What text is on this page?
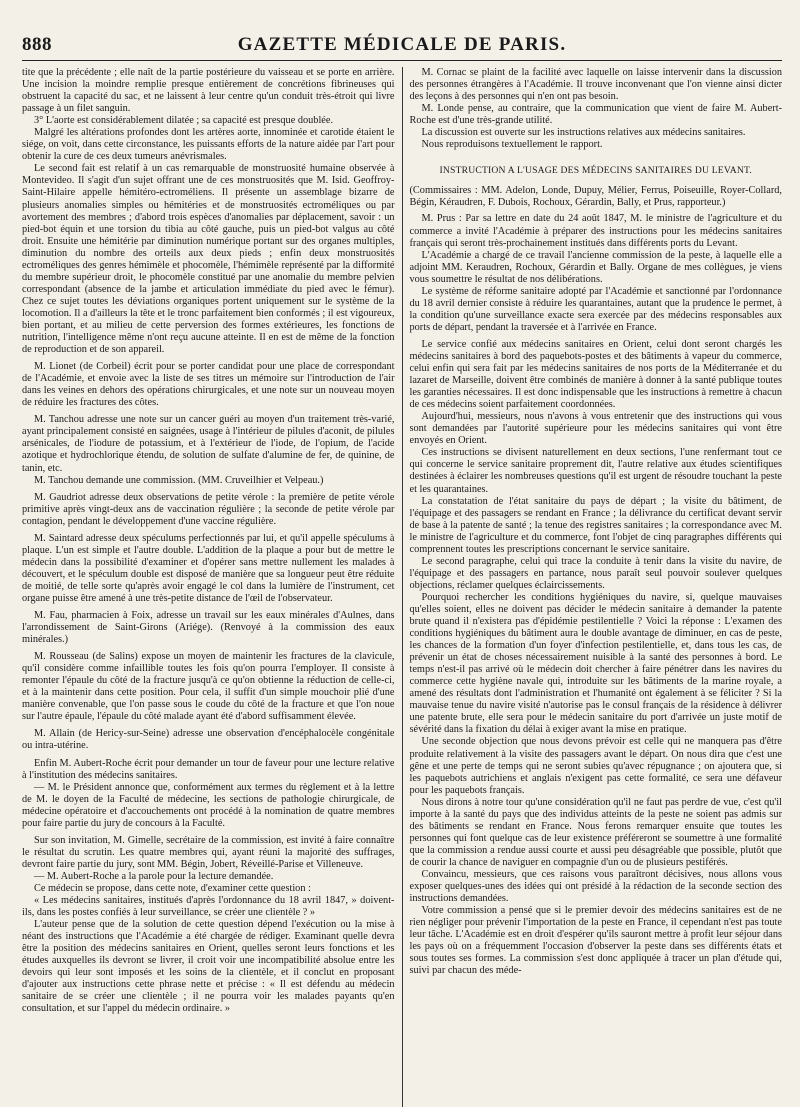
888	GAZETTE MÉDICALE DE PARIS.

tite que la précédente ; elle naît de la partie postérieure du vaisseau et se porte en arrière. Une incision la moindre remplie presque entièrement de concrétions fibrineuses qui obstruent la capacité du sac, et ne laissent à leur centre qu'un conduit très-étroit qui livre passage à un filet sanguin.

3° L'aorte est considérablement dilatée ; sa capacité est presque doublée.

Malgré les altérations profondes dont les artères aorte, innominée et carotide étaient le siége, on voit, dans cette circonstance, les puissants efforts de la nature aidée par l'art pour obtenir la cure de ces deux tumeurs anévrismales.

Le second fait est relatif à un cas remarquable de monstruosité humaine observée à Montevideo. Il s'agit d'un sujet offrant une de ces monstruosités que M. Isid. Geoffroy-Saint-Hilaire appelle hémitéro-ectroméliens. Il présente un assemblage bizarre de plusieurs anomalies simples ou hémitéries et de monstruosités ectroméliques ou par avortement des membres ; d'abord trois espèces d'anomalies par déplacement, savoir : un pied-bot équin et une torsion du tibia au côté gauche, puis un pied-bot valgus au côté droit. Ensuite une hémitérie par diminution numérique portant sur des organes multiples, diminution du nombre des orteils aux deux pieds ; enfin deux monstruosités ectroméliques des genres hémimèle et phocomèle, l'hémimèle représenté par la difformité du membre supérieur droit, le phocomèle constitué par une anomalie du membre pelvien correspondant (absence de la jambe et articulation immédiate du pied avec le fémur). Chez ce sujet toutes les déviations organiques portent uniquement sur le système de la locomotion. Il a d'ailleurs la tête et le tronc parfaitement bien conformés ; il est vigoureux, bien portant, et au milieu de cette perversion des formes extérieures, les fonctions de nutrition, l'intelligence même n'ont reçu aucune atteinte. Il en est de même de la fonction de reproduction et de son appareil.

M. Lionet (de Corbeil) écrit pour se porter candidat pour une place de correspondant de l'Académie, et envoie avec la liste de ses titres un mémoire sur l'introduction de l'air dans les veines en dehors des opérations chirurgicales, et une note sur un nouveau moyen de réduire les fractures des côtes.

M. Tanchou adresse une note sur un cancer guéri au moyen d'un traitement très-varié, ayant principalement consisté en saignées, usage à l'intérieur de pilules d'aconit, de pilules arsénicales, de l'iodure de potassium, et à l'extérieur de l'iode, de l'opium, de l'acide azotique et hydrochlorique étendu, de solution de sulfate d'alumine de fer, de quinine, de tanin, etc.

M. Tanchou demande une commission. (MM. Cruveilhier et Velpeau.)

M. Gaudriot adresse deux observations de petite vérole : la première de petite vérole primitive après vingt-deux ans de vaccination régulière ; la seconde de petite vérole par contagion, pendant le développement d'une vaccine régulière.

M. Saintard adresse deux spéculums perfectionnés par lui, et qu'il appelle spéculums à plaque. L'un est simple et l'autre double. L'addition de la plaque a pour but de mettre le médecin dans la possibilité d'examiner et d'opérer sans mettre nullement les malades à découvert, et le spéculum double est disposé de manière que sa longueur peut être réduite de moitié, de telle sorte qu'après avoir engagé le col dans la lumière de l'instrument, cet organe puisse être amené à une très-petite distance de l'œil de l'observateur.

M. Fau, pharmacien à Foix, adresse un travail sur les eaux minérales d'Aulnes, dans l'arrondissement de Saint-Girons (Ariége). (Renvoyé à la commission des eaux minérales.)

M. Rousseau (de Salins) expose un moyen de maintenir les fractures de la clavicule, qu'il considère comme infaillible toutes les fois qu'on pourra l'employer. Il consiste à remonter l'épaule du côté de la fracture jusqu'à ce qu'on obtienne la réduction de celle-ci, et à la maintenir dans cette position. Pour cela, il suffit d'un simple mouchoir plié d'une manière convenable, que l'on passe sous le coude du côté de la fracture et que l'on noue sur l'autre épaule, l'épaule du côté malade ayant été d'abord suffisamment élevée.

M. Allain (de Hericy-sur-Seine) adresse une observation d'encéphalocèle congénitale ou intra-utérine.

Enfin M. Aubert-Roche écrit pour demander un tour de faveur pour une lecture relative à l'institution des médecins sanitaires.

— M. le Président annonce que, conformément aux termes du règlement et à la lettre de M. le doyen de la Faculté de médecine, les sections de pathologie chirurgicale, de médecine opératoire et d'accouchements ont procédé à la nomination de quatre membres pour faire partie du jury de concours à la Faculté.

Sur son invitation, M. Gimelle, secrétaire de la commission, est invité à faire connaître le résultat du scrutin. Les quatre membres qui, ayant réuni la majorité des suffrages, devront faire partie du jury, sont MM. Bégin, Jobert, Réveillé-Parise et Villeneuve.

— M. Aubert-Roche a la parole pour la lecture demandée.

Ce médecin se propose, dans cette note, d'examiner cette question :

« Les médecins sanitaires, institués d'après l'ordonnance du 18 avril 1847, » doivent-ils, dans les postes confiés à leur surveillance, se créer une clientèle ? »

L'auteur pense que de la solution de cette question dépend l'exécution ou la mise à néant des instructions que l'Académie a été chargée de rédiger. Examinant quelle devra être la position des médecins sanitaires en Orient, quelles seront leurs fonctions et les études auxquelles ils devront se livrer, il croit voir une incompatibilité absolue entre les devoirs qui leur sont imposés et les soins de la clientèle, et il conclut en proposant d'ajouter aux instructions cette phrase nette et précise : « Il est défendu au médecin sanitaire de se créer une clientèle ; il ne pourra voir les malades payants qu'en consultation, et sur l'appel du médecin ordinaire. »

M. Cornac se plaint de la facilité avec laquelle on laisse intervenir dans la discussion des personnes étrangères à l'Académie. Il trouve inconvenant que l'on vienne ainsi dicter des leçons à des personnes qui n'en ont pas besoin.

M. Londe pense, au contraire, que la communication que vient de faire M. Aubert-Roche est d'une très-grande utilité.

La discussion est ouverte sur les instructions relatives aux médecins sanitaires.

Nous reproduisons textuellement le rapport.

INSTRUCTION A L'USAGE DES MÉDECINS SANITAIRES DU LEVANT.

(Commissaires : MM. Adelon, Londe, Dupuy, Mélier, Ferrus, Poiseuille, Royer-Collard, Bégin, Kéraudren, F. Dubois, Rochoux, Gérardin, Bally, et Prus, rapporteur.)

M. Prus : Par sa lettre en date du 24 août 1847, M. le ministre de l'agriculture et du commerce a invité l'Académie à préparer des instructions pour les médecins sanitaires français qui seront très-prochainement institués dans différents ports du Levant.

L'Académie a chargé de ce travail l'ancienne commission de la peste, à laquelle elle a adjoint MM. Keraudren, Rochoux, Gérardin et Bally. Organe de mes collègues, je viens vous soumettre le résultat de nos délibérations.

Le système de réforme sanitaire adopté par l'Académie et sanctionné par l'ordonnance du 18 avril dernier consiste à réduire les quarantaines, autant que la prudence le permet, à la condition qu'une surveillance exacte sera exercée par des médecins responsables aux ports de départ, pendant la traversée et à l'arrivée en France.

Le service confié aux médecins sanitaires en Orient, celui dont seront chargés les médecins sanitaires à bord des paquebots-postes et des bâtiments à vapeur du commerce, celui enfin qui sera fait par les médecins sanitaires de nos ports de la Méditerranée et du lazaret de Marseille, doivent être combinés de manière à donner à la santé publique toutes les garanties nécessaires. Il est donc indispensable que les instructions à remettre à chacun de ces médecins soient parfaitement coordonnées.

Aujourd'hui, messieurs, nous n'avons à vous entretenir que des instructions qui vous sont demandées par l'autorité supérieure pour les médecins sanitaires qui vont être envoyés en Orient.

Ces instructions se divisent naturellement en deux sections, l'une renfermant tout ce qui concerne le service sanitaire proprement dit, l'autre relative aux études scientifiques destinées à éclairer les nombreuses questions qu'il est urgent de résoudre touchant la peste et les quarantaines.

La constatation de l'état sanitaire du pays de départ ; la visite du bâtiment, de l'équipage et des passagers se rendant en France ; la délivrance du certificat devant servir de base à la patente de santé ; la tenue des registres sanitaires ; la correspondance avec M. le ministre de l'agriculture et du commerce, font l'objet de cinq paragraphes différents qui comprennent toutes les prescriptions concernant le service sanitaire.

Le second paragraphe, celui qui trace la conduite à tenir dans la visite du navire, de l'équipage et des passagers en partance, nous paraît seul pouvoir soulever quelques objections, réclamer quelques éclaircissements.

Pourquoi rechercher les conditions hygiéniques du navire, si, quelque mauvaises qu'elles soient, elles ne doivent pas décider le médecin sanitaire à demander la patente brute quand il n'existera pas d'épidémie pestilentielle ? Voici la réponse : L'examen des conditions hygiéniques du bâtiment aura le double avantage de diminuer, en cas de peste, les chances de la formation d'un foyer d'infection pestilentielle, et, dans tous les cas, de prévenir un état de choses nécessairement nuisible à la santé des personnes à bord. Le temps n'est-il pas arrivé où le médecin doit chercher à faire pénétrer dans les navires du commerce cette hygiène navale qui, introduite sur les bâtiments de la marine royale, a amené des résultats dont l'administration et l'humanité ont également à se féliciter ? Si la mauvaise tenue du navire visité n'autorise pas le consul français de la résidence à délivrer une patente brute, elle sera pour le médecin sanitaire du port d'arrivée un juste motif de sévérité dans la fixation du délai à exiger avant la mise en pratique.

Une seconde objection que nous devons prévoir est celle qui ne manquera pas d'être produite relativement à la visite des passagers avant le départ. On nous dira que c'est une gêne et une perte de temps qui ne seront subies qu'avec répugnance ; on ajoutera que, si les paquebots autrichiens et anglais n'exigent pas cette formalité, ce sera une défaveur pour les paquebots français.

Nous dirons à notre tour qu'une considération qu'il ne faut pas perdre de vue, c'est qu'il importe à la santé du pays que des individus atteints de la peste ne soient pas admis sur des bâtiments se rendant en France. Nous ferons remarquer ensuite que toutes les personnes qui font quelque cas de leur existence préféreront se soumettre à une formalité que la commission a rendue aussi courte et aussi peu désagréable que possible, plutôt que de courir la chance de naviguer en compagnie d'un ou de plusieurs pestiférés.

Convaincu, messieurs, que ces raisons vous paraîtront décisives, nous allons vous exposer quelques-unes des idées qui ont présidé à la rédaction de la seconde section des instructions demandées.

Votre commission a pensé que si le premier devoir des médecins sanitaires est de ne rien négliger pour prévenir l'importation de la peste en France, il cependant n'est pas toute leur tâche. L'Académie est en droit d'espérer qu'ils sauront mettre à profit leur séjour dans les pays où on a fréquemment l'occasion d'observer la peste dans ses différents états et sous toutes ses formes. La commission s'est donc appliquée à tracer un plan d'étude qui, suivi par chacun des méde-
